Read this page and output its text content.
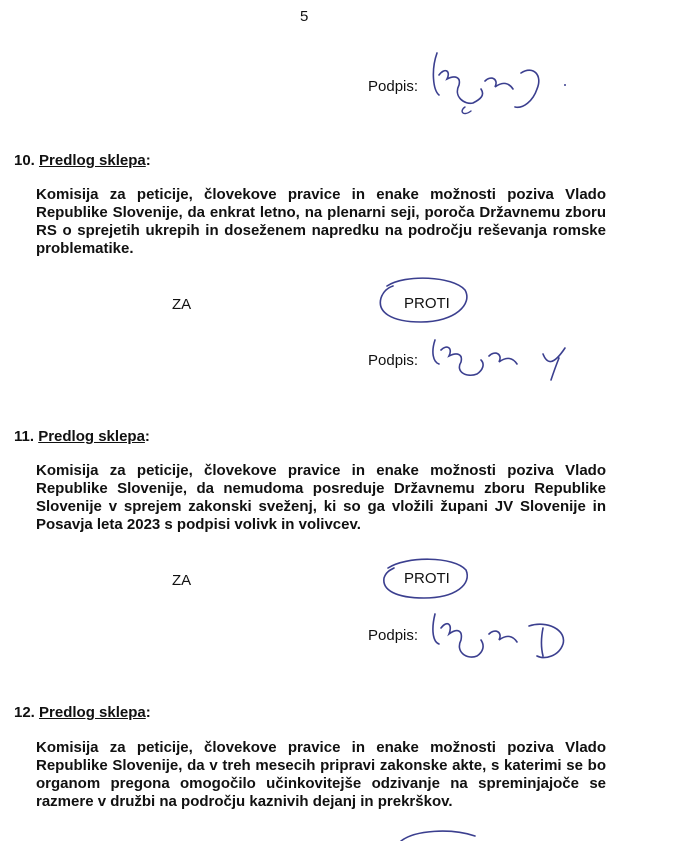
5
Podpis:
10. Predlog sklepa:
Komisija za peticije, človekove pravice in enake možnosti poziva Vlado Republike Slovenije, da enkrat letno, na plenarni seji, poroča Državnemu zboru RS o sprejetih ukrepih in doseženem napredku na področju reševanja romske problematike.
ZA	PROTI
Podpis:
11. Predlog sklepa:
Komisija za peticije, človekove pravice in enake možnosti poziva Vlado Republike Slovenije, da nemudoma posreduje Državnemu zboru Republike Slovenije v sprejem zakonski sveženj, ki so ga vložili župani JV Slovenije in Posavja leta 2023 s podpisi volivk in volivcev.
ZA	PROTI
Podpis:
12. Predlog sklepa:
Komisija za peticije, človekove pravice in enake možnosti poziva Vlado Republike Slovenije, da v treh mesecih pripravi zakonske akte, s katerimi se bo organom pregona omogočilo učinkovitejše odzivanje na spreminjajoče se razmere v družbi na področju kaznivih dejanj in prekrškov.
